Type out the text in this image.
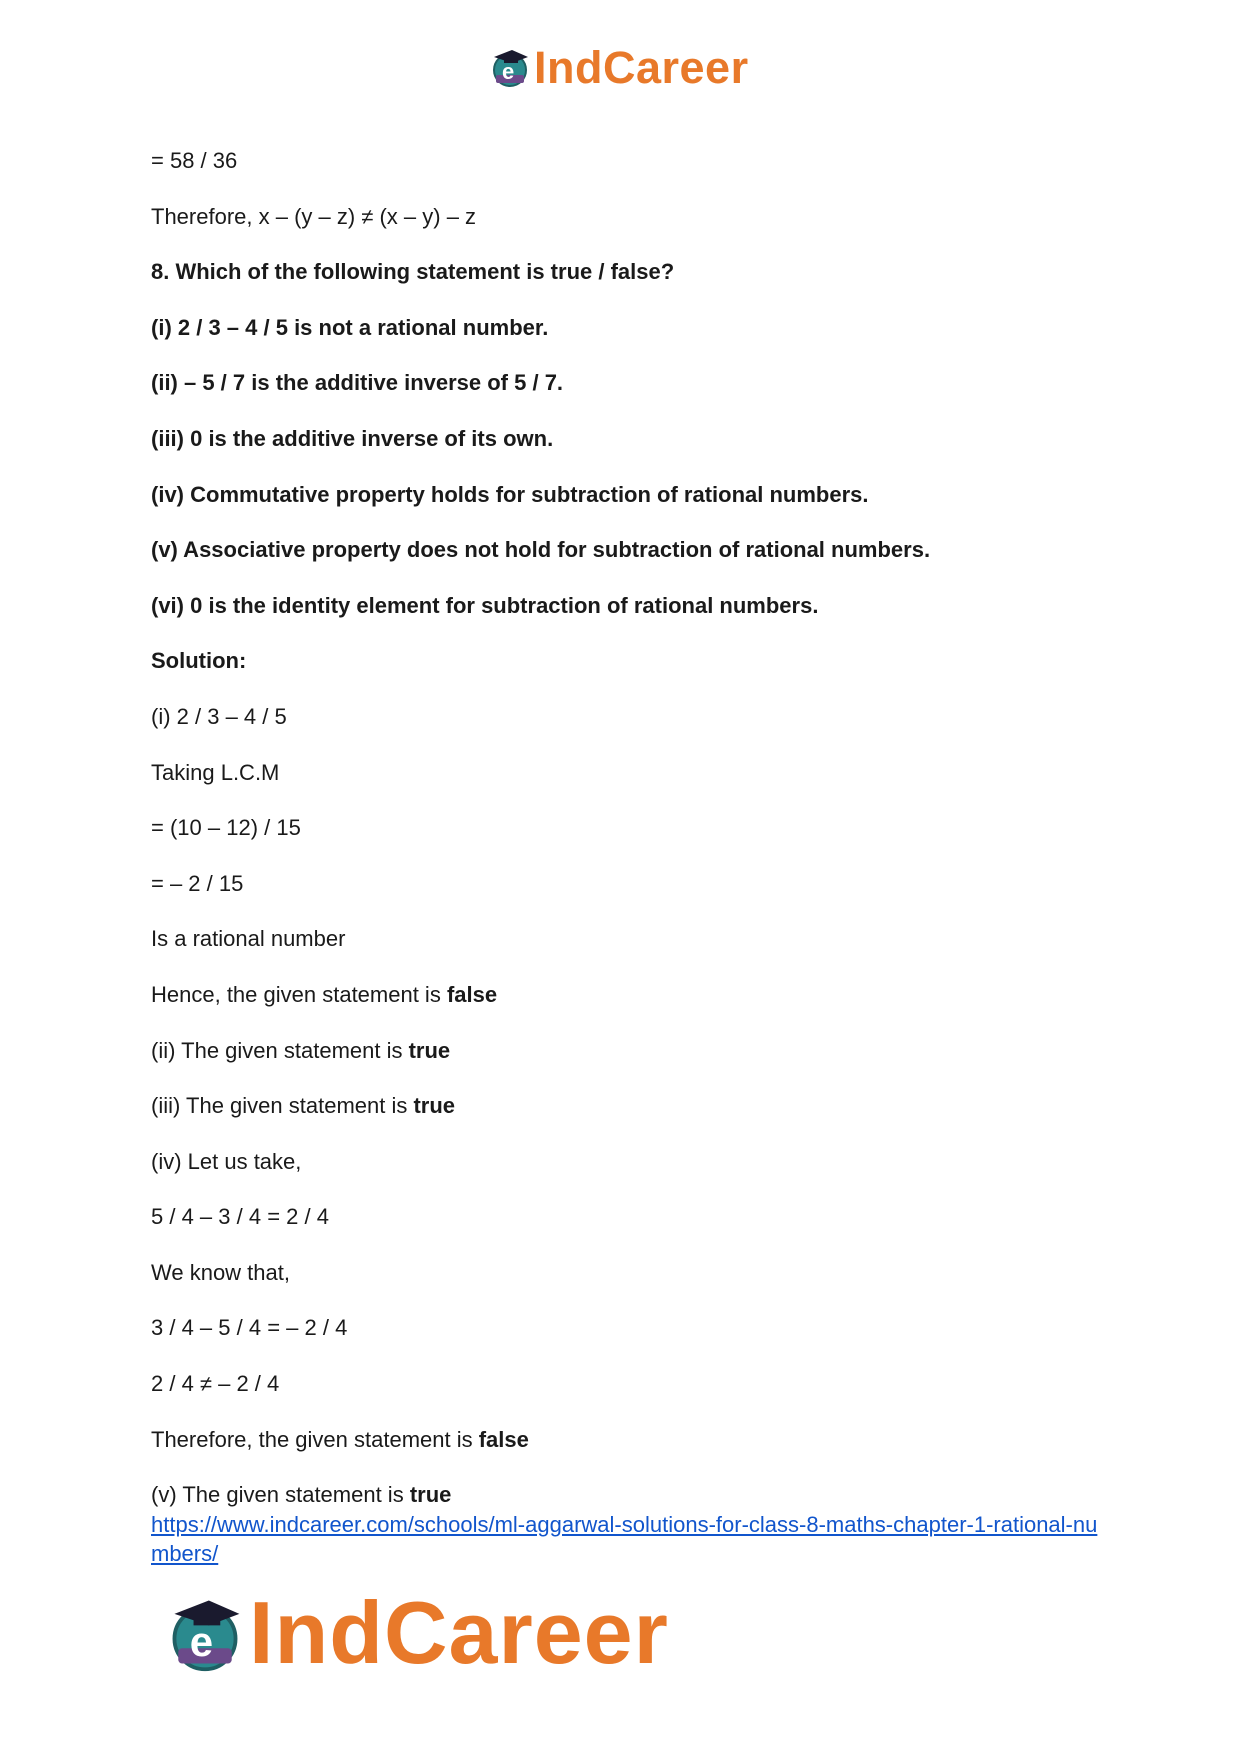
e IndCareer
= 58 / 36
Therefore, x – (y – z) ≠ (x – y) – z
8. Which of the following statement is true / false?
(i) 2 / 3 – 4 / 5 is not a rational number.
(ii) – 5 / 7 is the additive inverse of 5 / 7.
(iii) 0 is the additive inverse of its own.
(iv) Commutative property holds for subtraction of rational numbers.
(v) Associative property does not hold for subtraction of rational numbers.
(vi) 0 is the identity element for subtraction of rational numbers.
Solution:
(i) 2 / 3 – 4 / 5
Taking L.C.M
= (10 – 12) / 15
= – 2 / 15
Is a rational number
Hence, the given statement is false
(ii) The given statement is true
(iii) The given statement is true
(iv) Let us take,
5 / 4 – 3 / 4 = 2 / 4
We know that,
3 / 4 – 5 / 4 = – 2 / 4
2 / 4 ≠ – 2 / 4
Therefore, the given statement is false
(v) The given statement is true
https://www.indcareer.com/schools/ml-aggarwal-solutions-for-class-8-maths-chapter-1-rational-numbers/
e IndCareer
